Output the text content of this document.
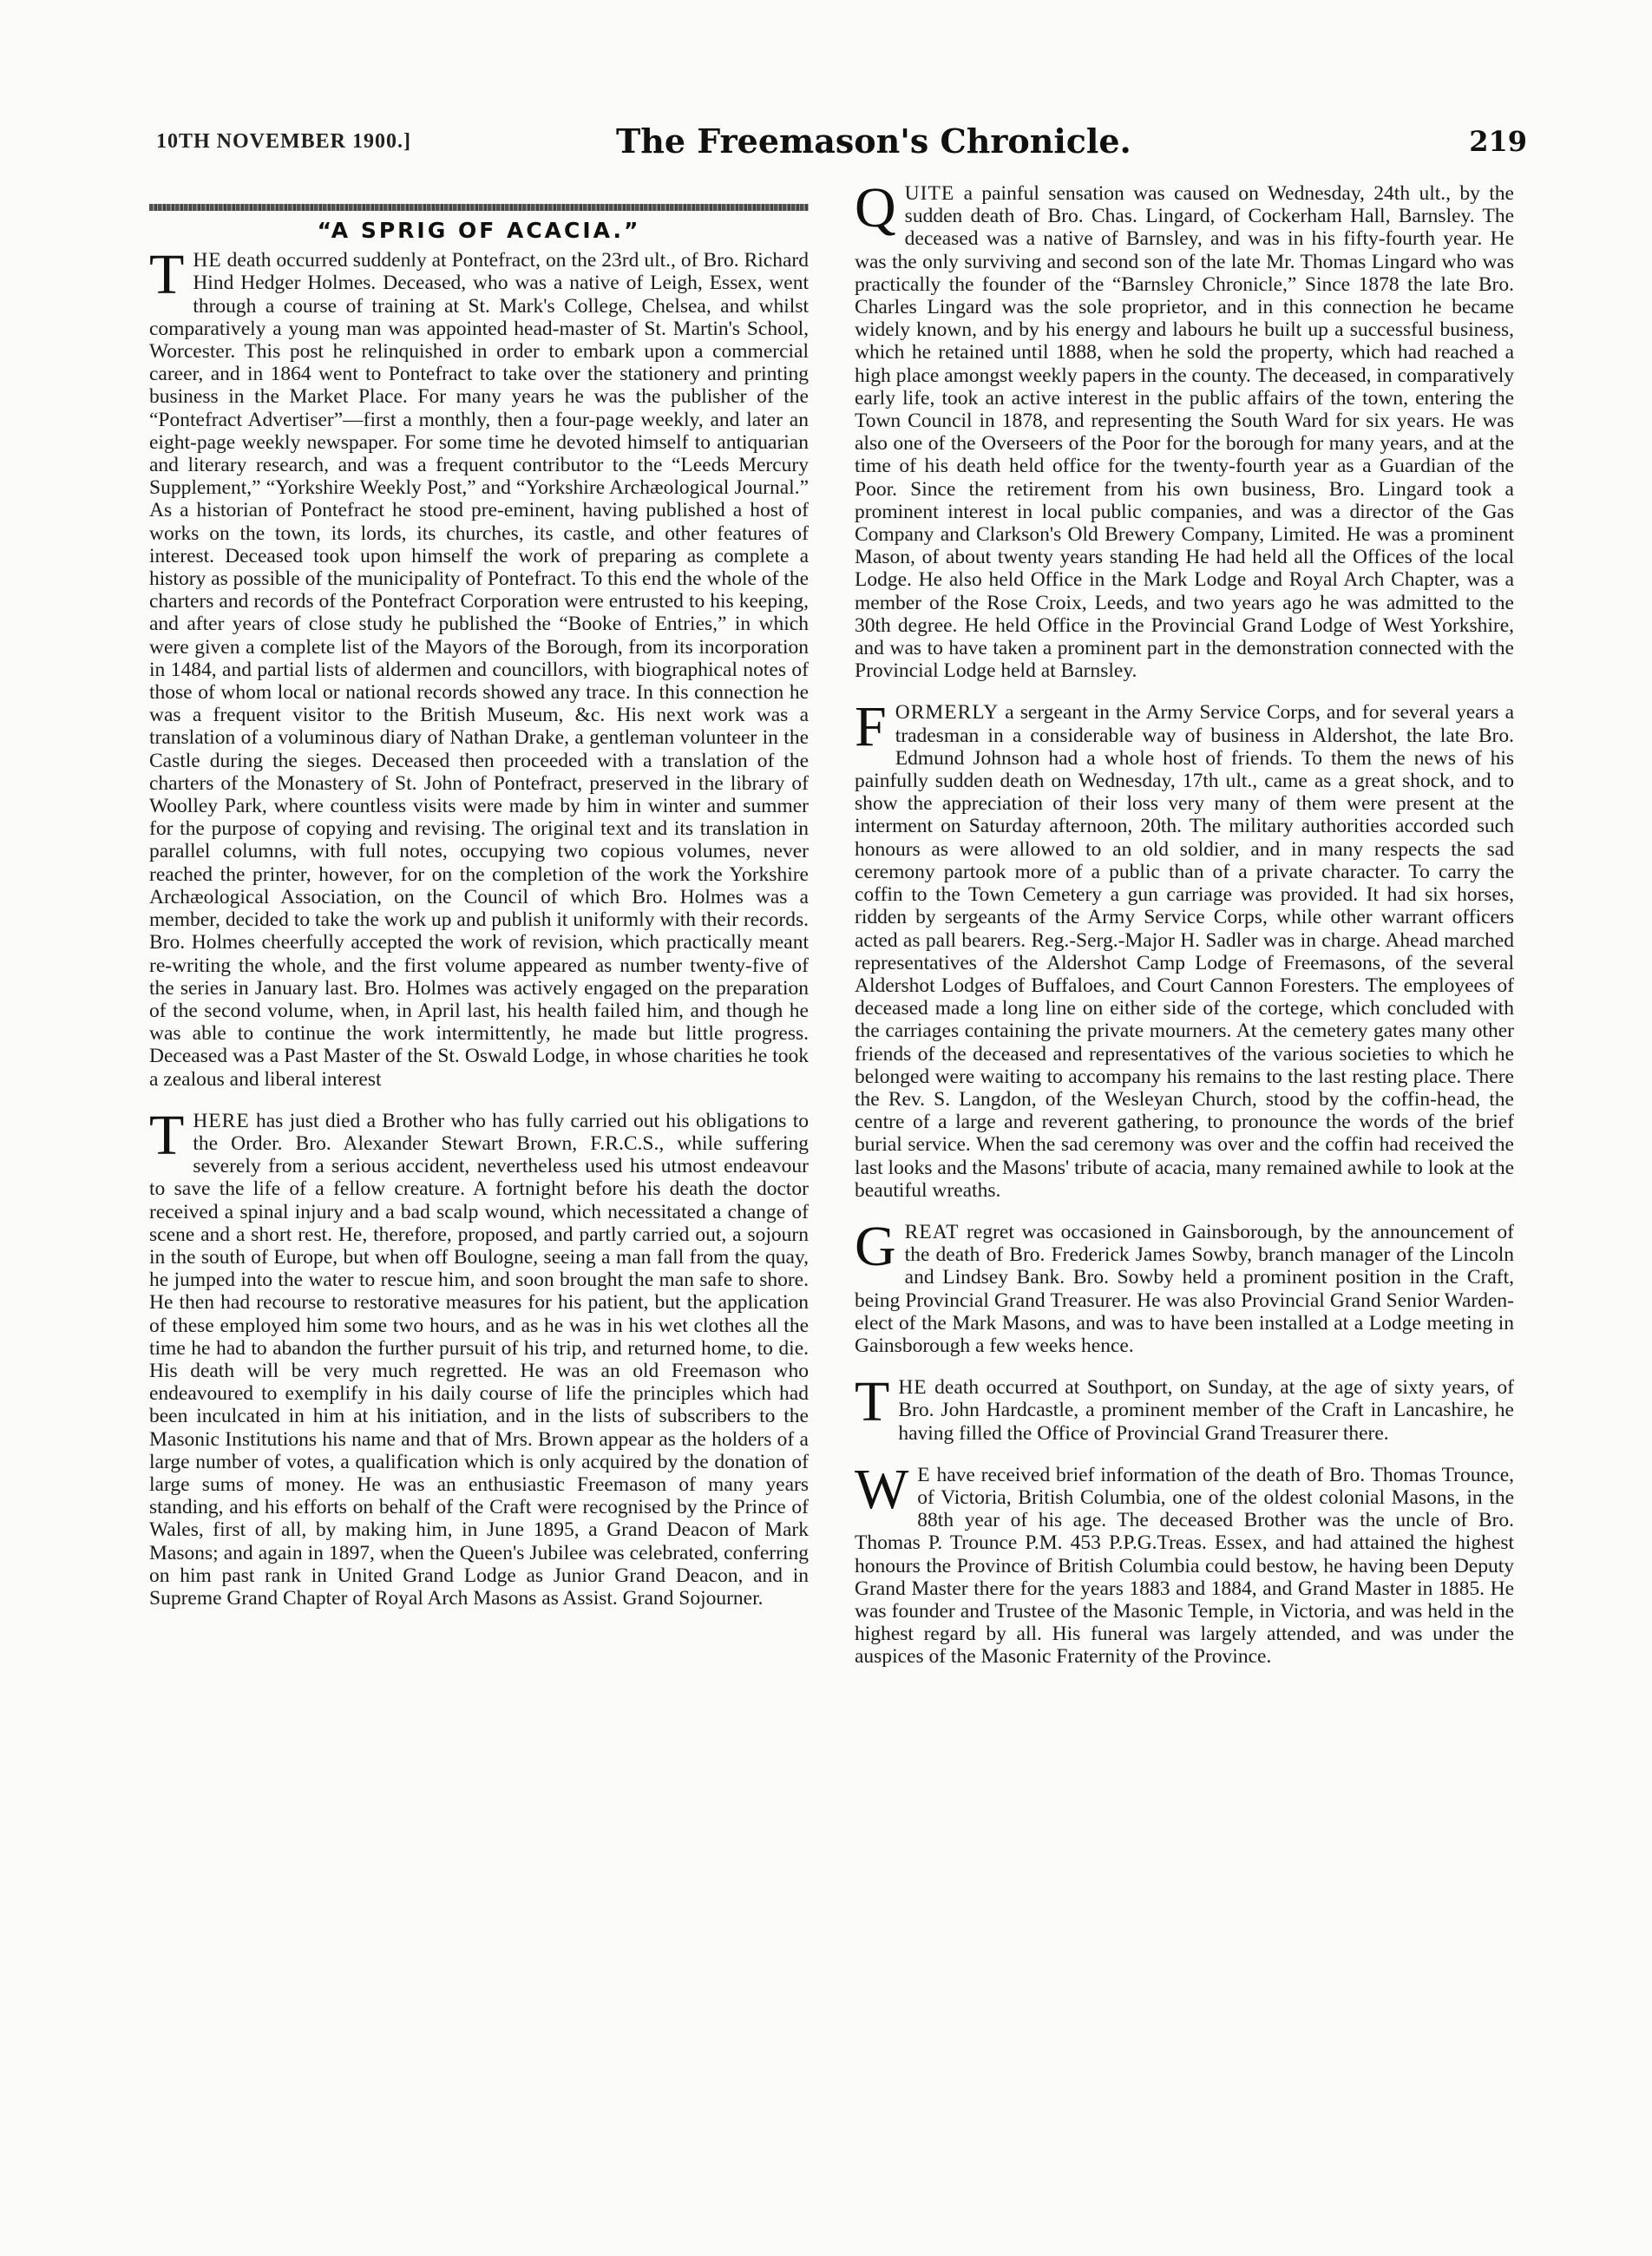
10TH NOVEMBER 1900.]	The Freemason's Chronicle.	219
“A SPRIG OF ACACIA.”

THE death occurred suddenly at Pontefract, on the 23rd ult., of Bro. Richard Hind Hedger Holmes. Deceased, who was a native of Leigh, Essex, went through a course of training at St. Mark's College, Chelsea, and whilst comparatively a young man was appointed head-master of St. Martin's School, Worcester. This post he relinquished in order to embark upon a commercial career, and in 1864 went to Pontefract to take over the stationery and printing business in the Market Place. For many years he was the publisher of the “Pontefract Advertiser”—first a monthly, then a four-page weekly, and later an eight-page weekly newspaper. For some time he devoted himself to antiquarian and literary research, and was a frequent contributor to the “Leeds Mercury Supplement,” “Yorkshire Weekly Post,” and “Yorkshire Archæological Journal.” As a historian of Pontefract he stood pre-eminent, having published a host of works on the town, its lords, its churches, its castle, and other features of interest. Deceased took upon himself the work of preparing as complete a history as possible of the municipality of Pontefract. To this end the whole of the charters and records of the Pontefract Corporation were entrusted to his keeping, and after years of close study he published the “Booke of Entries,” in which were given a complete list of the Mayors of the Borough, from its incorporation in 1484, and partial lists of aldermen and councillors, with biographical notes of those of whom local or national records showed any trace. In this connection he was a frequent visitor to the British Museum, &c. His next work was a translation of a voluminous diary of Nathan Drake, a gentleman volunteer in the Castle during the sieges. Deceased then proceeded with a translation of the charters of the Monastery of St. John of Pontefract, preserved in the library of Woolley Park, where countless visits were made by him in winter and summer for the purpose of copying and revising. The original text and its translation in parallel columns, with full notes, occupying two copious volumes, never reached the printer, however, for on the completion of the work the Yorkshire Archæological Association, on the Council of which Bro. Holmes was a member, decided to take the work up and publish it uniformly with their records. Bro. Holmes cheerfully accepted the work of revision, which practically meant re-writing the whole, and the first volume appeared as number twenty-five of the series in January last. Bro. Holmes was actively engaged on the preparation of the second volume, when, in April last, his health failed him, and though he was able to continue the work intermittently, he made but little progress. Deceased was a Past Master of the St. Oswald Lodge, in whose charities he took a zealous and liberal interest

THERE has just died a Brother who has fully carried out his obligations to the Order. Bro. Alexander Stewart Brown, F.R.C.S., while suffering severely from a serious accident, nevertheless used his utmost endeavour to save the life of a fellow creature. A fortnight before his death the doctor received a spinal injury and a bad scalp wound, which necessitated a change of scene and a short rest. He, therefore, proposed, and partly carried out, a sojourn in the south of Europe, but when off Boulogne, seeing a man fall from the quay, he jumped into the water to rescue him, and soon brought the man safe to shore. He then had recourse to restorative measures for his patient, but the application of these employed him some two hours, and as he was in his wet clothes all the time he had to abandon the further pursuit of his trip, and returned home, to die. His death will be very much regretted. He was an old Freemason who endeavoured to exemplify in his daily course of life the principles which had been inculcated in him at his initiation, and in the lists of subscribers to the Masonic Institutions his name and that of Mrs. Brown appear as the holders of a large number of votes, a qualification which is only acquired by the donation of large sums of money. He was an enthusiastic Freemason of many years standing, and his efforts on behalf of the Craft were recognised by the Prince of Wales, first of all, by making him, in June 1895, a Grand Deacon of Mark Masons; and again in 1897, when the Queen's Jubilee was celebrated, conferring on him past rank in United Grand Lodge as Junior Grand Deacon, and in Supreme Grand Chapter of Royal Arch Masons as Assist. Grand Sojourner.

QUITE a painful sensation was caused on Wednesday, 24th ult., by the sudden death of Bro. Chas. Lingard, of Cockerham Hall, Barnsley. The deceased was a native of Barnsley, and was in his fifty-fourth year. He was the only surviving and second son of the late Mr. Thomas Lingard who was practically the founder of the “Barnsley Chronicle,” Since 1878 the late Bro. Charles Lingard was the sole proprietor, and in this connection he became widely known, and by his energy and labours he built up a successful business, which he retained until 1888, when he sold the property, which had reached a high place amongst weekly papers in the county. The deceased, in comparatively early life, took an active interest in the public affairs of the town, entering the Town Council in 1878, and representing the South Ward for six years. He was also one of the Overseers of the Poor for the borough for many years, and at the time of his death held office for the twenty-fourth year as a Guardian of the Poor. Since the retirement from his own business, Bro. Lingard took a prominent interest in local public companies, and was a director of the Gas Company and Clarkson's Old Brewery Company, Limited. He was a prominent Mason, of about twenty years standing He had held all the Offices of the local Lodge. He also held Office in the Mark Lodge and Royal Arch Chapter, was a member of the Rose Croix, Leeds, and two years ago he was admitted to the 30th degree. He held Office in the Provincial Grand Lodge of West Yorkshire, and was to have taken a prominent part in the demonstration connected with the Provincial Lodge held at Barnsley.

FORMERLY a sergeant in the Army Service Corps, and for several years a tradesman in a considerable way of business in Aldershot, the late Bro. Edmund Johnson had a whole host of friends. To them the news of his painfully sudden death on Wednesday, 17th ult., came as a great shock, and to show the appreciation of their loss very many of them were present at the interment on Saturday afternoon, 20th. The military authorities accorded such honours as were allowed to an old soldier, and in many respects the sad ceremony partook more of a public than of a private character. To carry the coffin to the Town Cemetery a gun carriage was provided. It had six horses, ridden by sergeants of the Army Service Corps, while other warrant officers acted as pall bearers. Reg.-Serg.-Major H. Sadler was in charge. Ahead marched representatives of the Aldershot Camp Lodge of Freemasons, of the several Aldershot Lodges of Buffaloes, and Court Cannon Foresters. The employees of deceased made a long line on either side of the cortege, which concluded with the carriages containing the private mourners. At the cemetery gates many other friends of the deceased and representatives of the various societies to which he belonged were waiting to accompany his remains to the last resting place. There the Rev. S. Langdon, of the Wesleyan Church, stood by the coffin-head, the centre of a large and reverent gathering, to pronounce the words of the brief burial service. When the sad ceremony was over and the coffin had received the last looks and the Masons' tribute of acacia, many remained awhile to look at the beautiful wreaths.

GREAT regret was occasioned in Gainsborough, by the announcement of the death of Bro. Frederick James Sowby, branch manager of the Lincoln and Lindsey Bank. Bro. Sowby held a prominent position in the Craft, being Provincial Grand Treasurer. He was also Provincial Grand Senior Warden-elect of the Mark Masons, and was to have been installed at a Lodge meeting in Gainsborough a few weeks hence.

THE death occurred at Southport, on Sunday, at the age of sixty years, of Bro. John Hardcastle, a prominent member of the Craft in Lancashire, he having filled the Office of Provincial Grand Treasurer there.

W E have received brief information of the death of Bro. Thomas Trounce, of Victoria, British Columbia, one of the oldest colonial Masons, in the 88th year of his age. The deceased Brother was the uncle of Bro. Thomas P. Trounce P.M. 453 P.P.G.Treas. Essex, and had attained the highest honours the Province of British Columbia could bestow, he having been Deputy Grand Master there for the years 1883 and 1884, and Grand Master in 1885. He was founder and Trustee of the Masonic Temple, in Victoria, and was held in the highest regard by all. His funeral was largely attended, and was under the auspices of the Masonic Fraternity of the Province.
